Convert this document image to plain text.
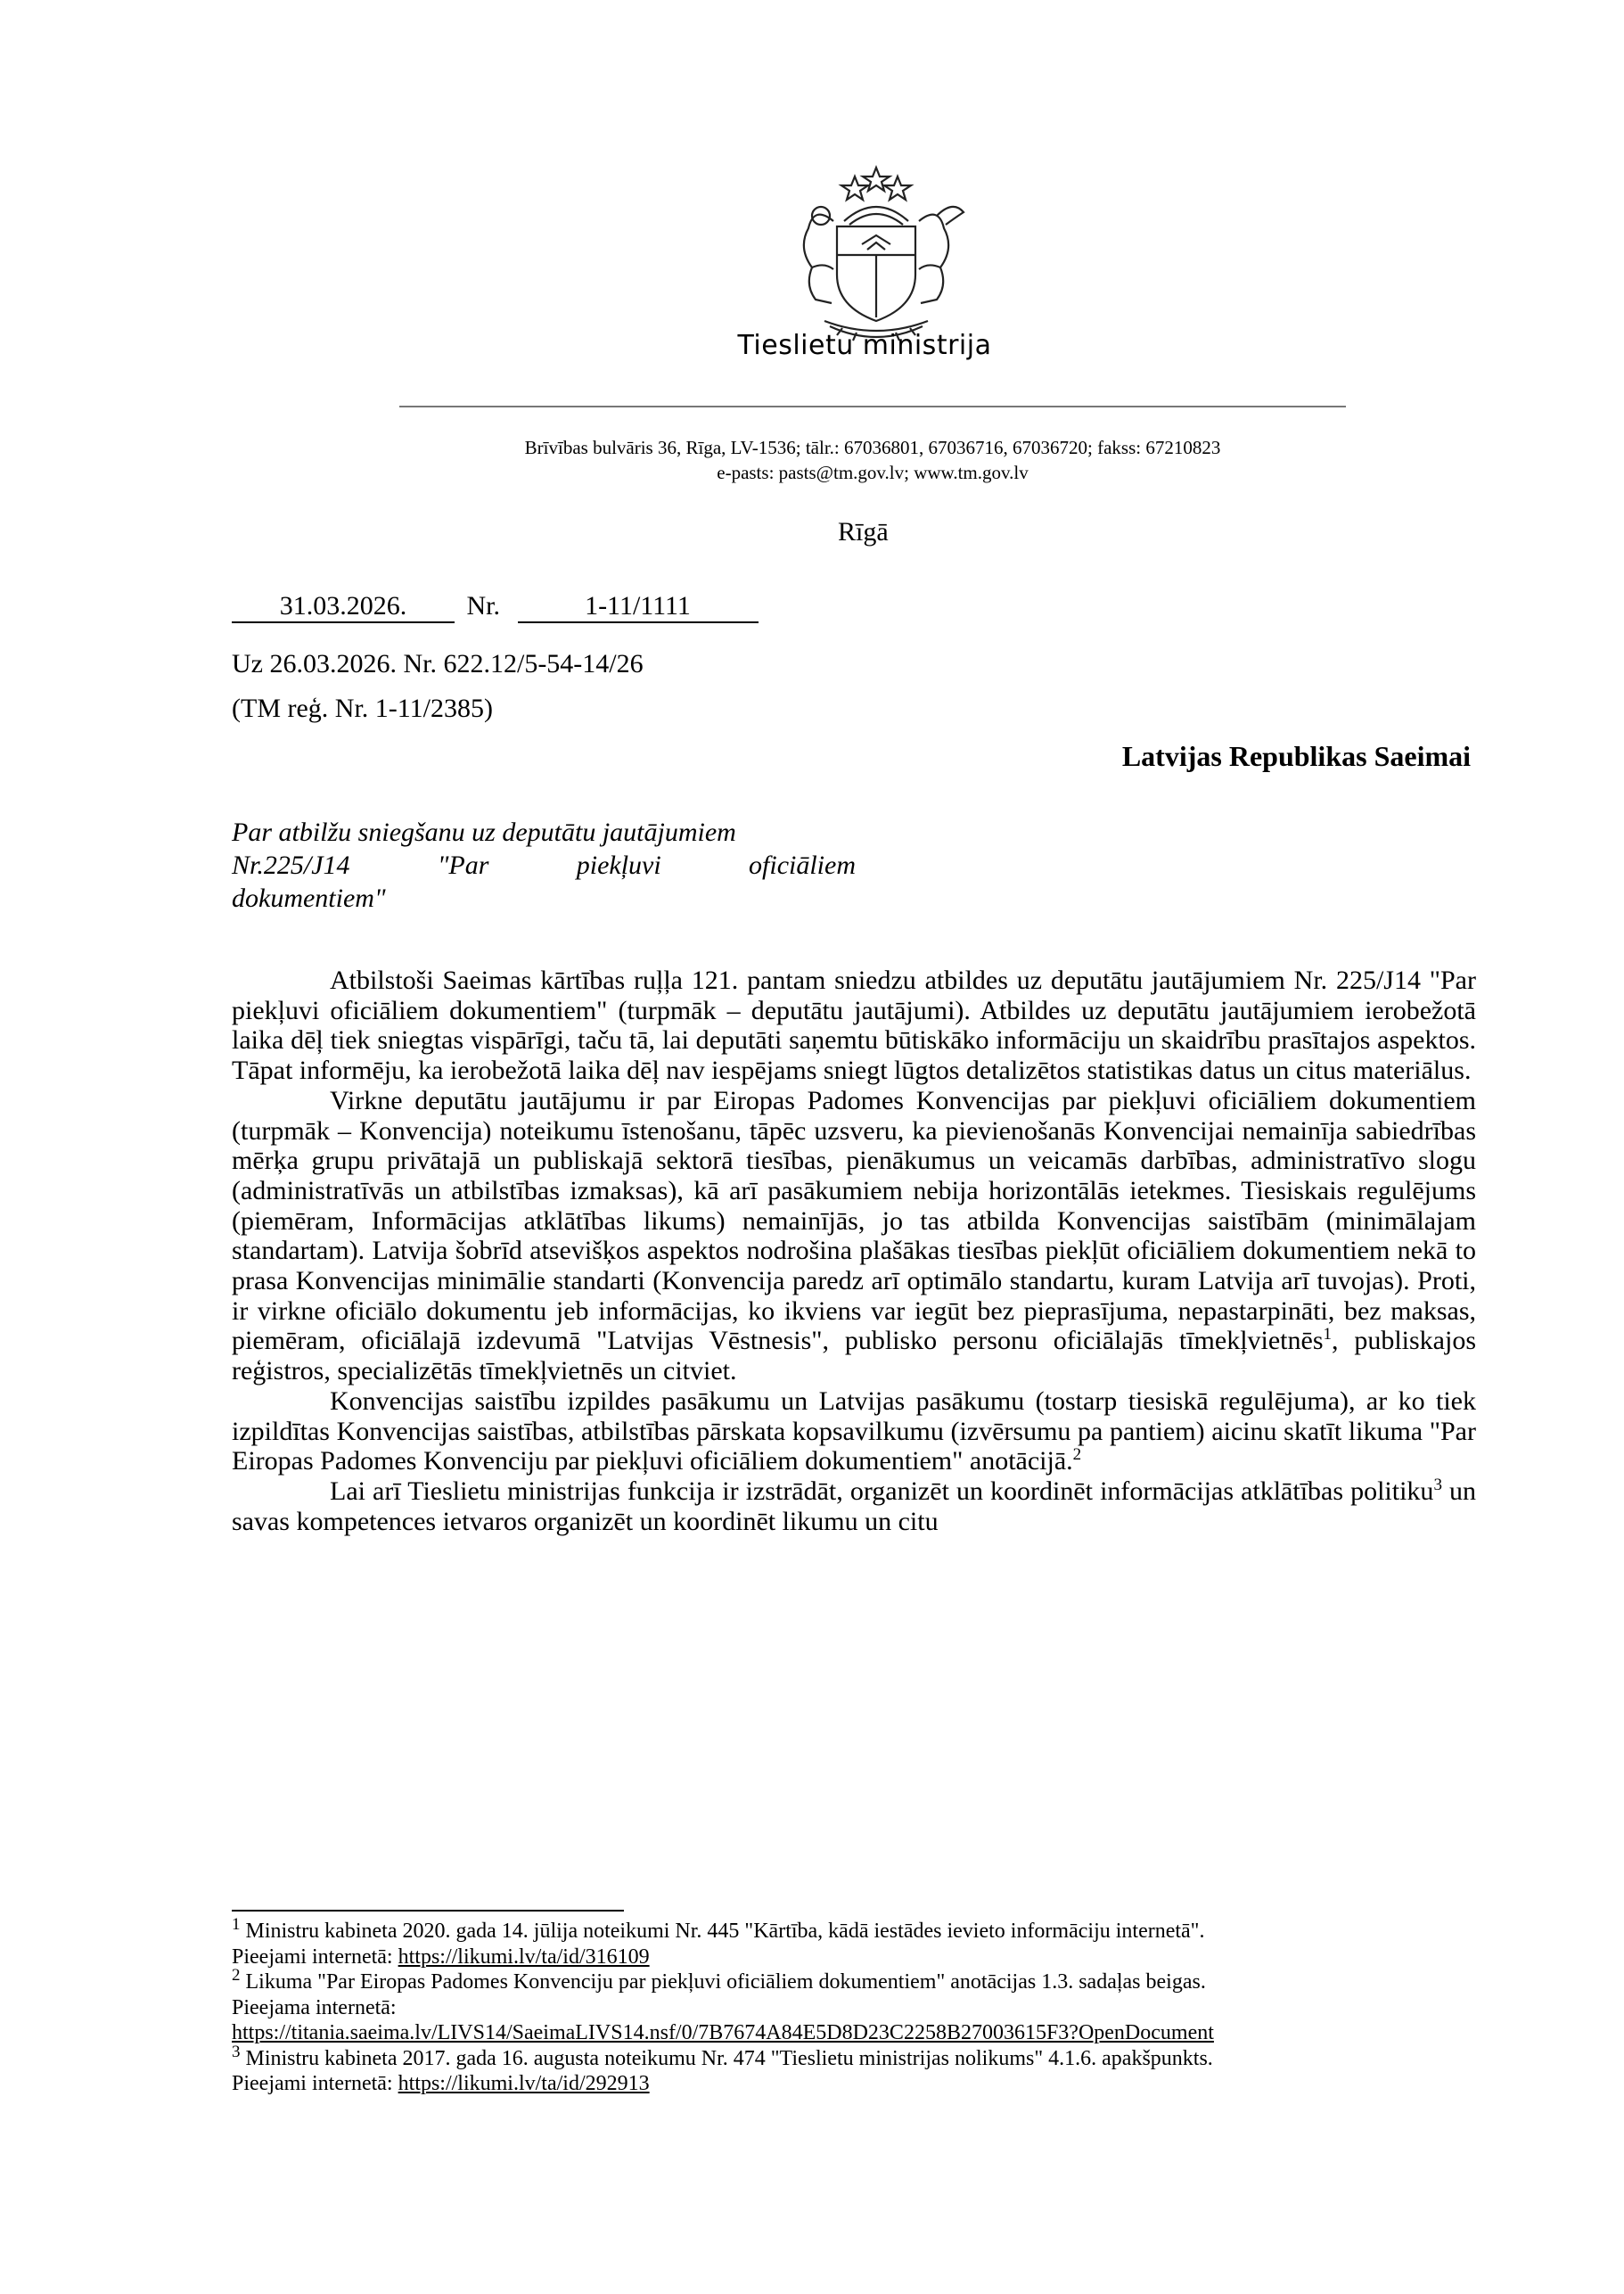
Tieslietu ministrija
Brīvības bulvāris 36, Rīga, LV-1536; tālr.: 67036801, 67036716, 67036720; fakss: 67210823
e-pasts: pasts@tm.gov.lv; www.tm.gov.lv
Rīgā
31.03.2026. Nr.	1-11/1111
Uz 26.03.2026. Nr. 622.12/5-54-14/26
(TM reģ. Nr. 1-11/2385)
Latvijas Republikas Saeimai
Par atbilžu sniegšanu uz deputātu jautājumiem
Nr.225/J14 "Par piekļuvi oficiāliem
dokumentiem"

Atbilstoši Saeimas kārtības ruļļa 121. pantam sniedzu atbildes uz deputātu jautājumiem Nr. 225/J14 "Par piekļuvi oficiāliem dokumentiem" (turpmāk – deputātu jautājumi). Atbildes uz deputātu jautājumiem ierobežotā laika dēļ tiek sniegtas vispārīgi, taču tā, lai deputāti saņemtu būtiskāko informāciju un skaidrību prasītajos aspektos. Tāpat informēju, ka ierobežotā laika dēļ nav iespējams sniegt lūgtos detalizētos statistikas datus un citus materiālus.

Virkne deputātu jautājumu ir par Eiropas Padomes Konvencijas par piekļuvi oficiāliem dokumentiem (turpmāk – Konvencija) noteikumu īstenošanu, tāpēc uzsveru, ka pievienošanās Konvencijai nemainīja sabiedrības mērķa grupu privātajā un publiskajā sektorā tiesības, pienākumus un veicamās darbības, administratīvo slogu (administratīvās un atbilstības izmaksas), kā arī pasākumiem nebija horizontālās ietekmes. Tiesiskais regulējums (piemēram, Informācijas atklātības likums) nemainījās, jo tas atbilda Konvencijas saistībām (minimālajam standartam). Latvija šobrīd atsevišķos aspektos nodrošina plašākas tiesības piekļūt oficiāliem dokumentiem nekā to prasa Konvencijas minimālie standarti (Konvencija paredz arī optimālo standartu, kuram Latvija arī tuvojas). Proti, ir virkne oficiālo dokumentu jeb informācijas, ko ikviens var iegūt bez pieprasījuma, nepastarpināti, bez maksas, piemēram, oficiālajā izdevumā "Latvijas Vēstnesis", publisko personu oficiālajās tīmekļvietnēs$^1$, publiskajos reģistros, specializētās tīmekļvietnēs un citviet.

Konvencijas saistību izpildes pasākumu un Latvijas pasākumu (tostarp tiesiskā regulējuma), ar ko tiek izpildītas Konvencijas saistības, atbilstības pārskata kopsavilkumu (izvērsumu pa pantiem) aicinu skatīt likuma "Par Eiropas Padomes Konvenciju par piekļuvi oficiāliem dokumentiem" anotācijā.$^2$

Lai arī Tieslietu ministrijas funkcija ir izstrādāt, organizēt un koordinēt informācijas atklātības politiku$^3$ un savas kompetences ietvaros organizēt un koordinēt likumu un citu

$^1$ Ministru kabineta 2020. gada 14. jūlija noteikumi Nr. 445 "Kārtība, kādā iestādes ievieto informāciju internetā".

Pieejami internetā: https://likumi.lv/ta/id/316109

$^2$ Likuma "Par Eiropas Padomes Konvenciju par piekļuvi oficiāliem dokumentiem" anotācijas 1.3. sadaļas beigas.

Pieejama internetā:

https://titania.saeima.lv/LIVS14/SaeimaLIVS14.nsf/0/7B7674A84E5D8D23C2258B27003615F3?OpenDocument

$^3$ Ministru kabineta 2017. gada 16. augusta noteikumu Nr. 474 "Tieslietu ministrijas nolikums" 4.1.6. apakšpunkts.

Pieejami internetā: https://likumi.lv/ta/id/292913
